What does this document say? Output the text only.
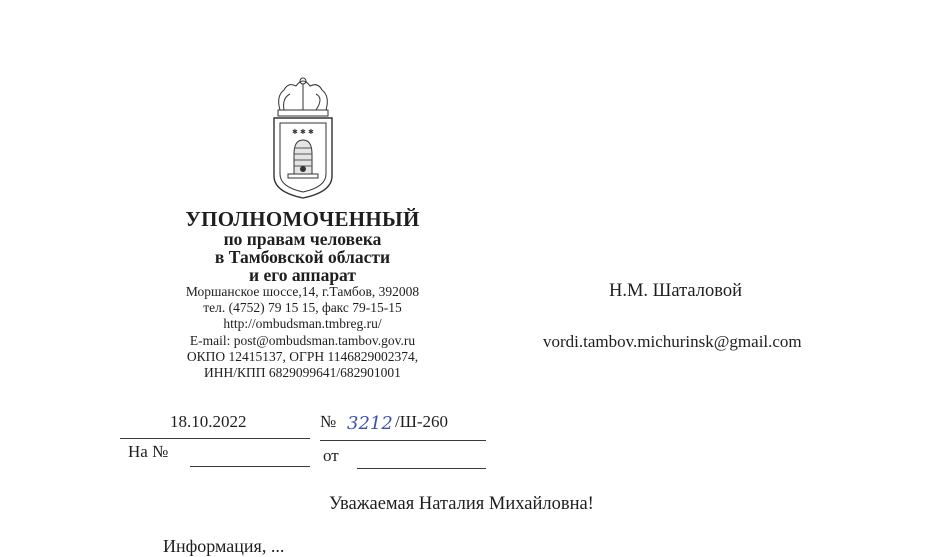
✱ ✱ ✱
УПОЛНОМОЧЕННЫЙ
по правам человека
в Тамбовской области
и его аппарат
Моршанское шоссе,14, г.Тамбов, 392008
тел. (4752) 79 15 15, факс 79-15-15
http://ombudsman.tmbreg.ru/
E-mail: post@ombudsman.tambov.gov.ru
ОКПО 12415137, ОГРН 1146829002374,
ИНН/КПП 6829099641/682901001
18.10.2022	№ 3212 /Ш-260
На №	от
Н.М. Шаталовой
vordi.tambov.michurinsk@gmail.com
Уважаемая Наталия Михайловна!
Информация, ...
